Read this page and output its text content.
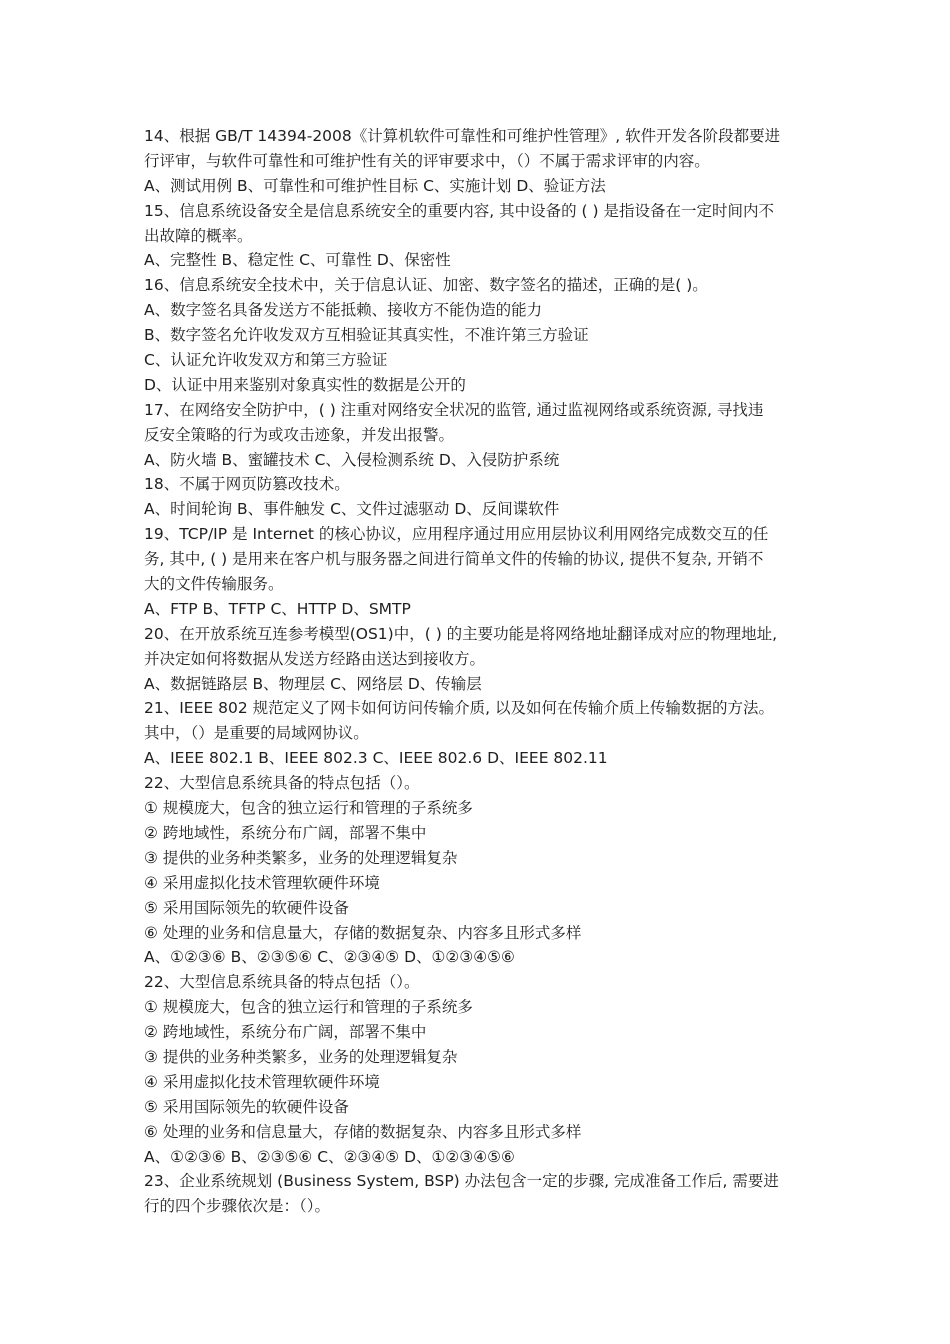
14、根据 GB/T 14394-2008《计算机软件可靠性和可维护性管理》, 软件开发各阶段都要进
行评审，与软件可靠性和可维护性有关的评审要求中，（）不属于需求评审的内容。
A、测试用例 B、可靠性和可维护性目标 C、实施计划 D、验证方法
15、信息系统设备安全是信息系统安全的重要内容, 其中设备的 ( ) 是指设备在一定时间内不
出故障的概率。
A、完整性 B、稳定性 C、可靠性 D、保密性
16、信息系统安全技术中，关于信息认证、加密、数字签名的描述，正确的是( )。
A、数字签名具备发送方不能抵赖、接收方不能伪造的能力
B、数字签名允许收发双方互相验证其真实性，不准许第三方验证
C、认证允许收发双方和第三方验证
D、认证中用来鉴别对象真实性的数据是公开的
17、在网络安全防护中，( ) 注重对网络安全状况的监管, 通过监视网络或系统资源, 寻找违
反安全策略的行为或攻击迹象，并发出报警。
A、防火墙 B、蜜罐技术 C、入侵检测系统 D、入侵防护系统
18、不属于网页防篡改技术。
A、时间轮询 B、事件触发 C、文件过滤驱动 D、反间谍软件
19、TCP/IP 是 Internet 的核心协议，应用程序通过用应用层协议利用网络完成数交互的任
务, 其中, ( ) 是用来在客户机与服务器之间进行简单文件的传输的协议, 提供不复杂, 开销不
大的文件传输服务。
A、FTP B、TFTP C、HTTP D、SMTP
20、在开放系统互连参考模型(OS1)中，( ) 的主要功能是将网络地址翻译成对应的物理地址,
并决定如何将数据从发送方经路由送达到接收方。
A、数据链路层 B、物理层 C、网络层 D、传输层
21、IEEE 802 规范定义了网卡如何访问传输介质, 以及如何在传输介质上传输数据的方法。
其中，（）是重要的局域网协议。
A、IEEE 802.1 B、IEEE 802.3 C、IEEE 802.6 D、IEEE 802.11
22、大型信息系统具备的特点包括（）。
① 规模庞大，包含的独立运行和管理的子系统多
② 跨地域性，系统分布广阔，部署不集中
③ 提供的业务种类繁多，业务的处理逻辑复杂
④ 采用虚拟化技术管理软硬件环境
⑤ 采用国际领先的软硬件设备
⑥ 处理的业务和信息量大，存储的数据复杂、内容多且形式多样
A、①②③⑥ B、②③⑤⑥ C、②③④⑤ D、①②③④⑤⑥
22、大型信息系统具备的特点包括（）。
① 规模庞大，包含的独立运行和管理的子系统多
② 跨地域性，系统分布广阔，部署不集中
③ 提供的业务种类繁多，业务的处理逻辑复杂
④ 采用虚拟化技术管理软硬件环境
⑤ 采用国际领先的软硬件设备
⑥ 处理的业务和信息量大，存储的数据复杂、内容多且形式多样
A、①②③⑥ B、②③⑤⑥ C、②③④⑤ D、①②③④⑤⑥
23、企业系统规划 (Business System, BSP) 办法包含一定的步骤, 完成准备工作后, 需要进
行的四个步骤依次是：（）。
